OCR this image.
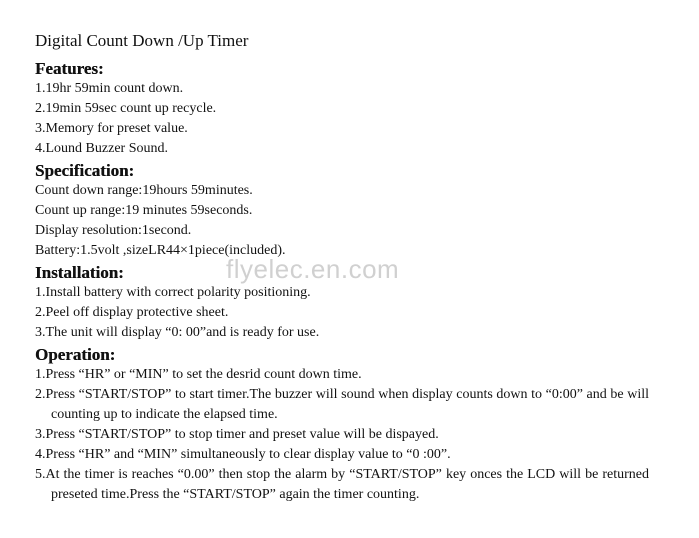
Digital Count Down /Up Timer
Features:
1.19hr 59min count down.
2.19min 59sec count up recycle.
3.Memory for preset value.
4.Lound Buzzer Sound.
Specification:
Count down range:19hours 59minutes.
Count up range:19 minutes 59seconds.
Display resolution:1second.
Battery:1.5volt ,sizeLR44×1piece(included).
Installation:
1.Install battery with correct polarity positioning.
2.Peel off display protective sheet.
3.The unit will display “0: 00”and is ready for use.
Operation:
1.Press “HR” or “MIN” to set the desrid count down time.
2.Press “START/STOP” to start timer.The buzzer will sound when display counts down to “0:00” and be will counting up to indicate the elapsed time.
3.Press “START/STOP” to stop timer and preset value will be dispayed.
4.Press “HR” and “MIN” simultaneously to clear display value to “0 :00”.
5.At the timer is reaches “0.00” then stop the alarm by “START/STOP” key onces the LCD will be returned preseted time.Press the “START/STOP” again the timer counting.
flyelec.en.com
